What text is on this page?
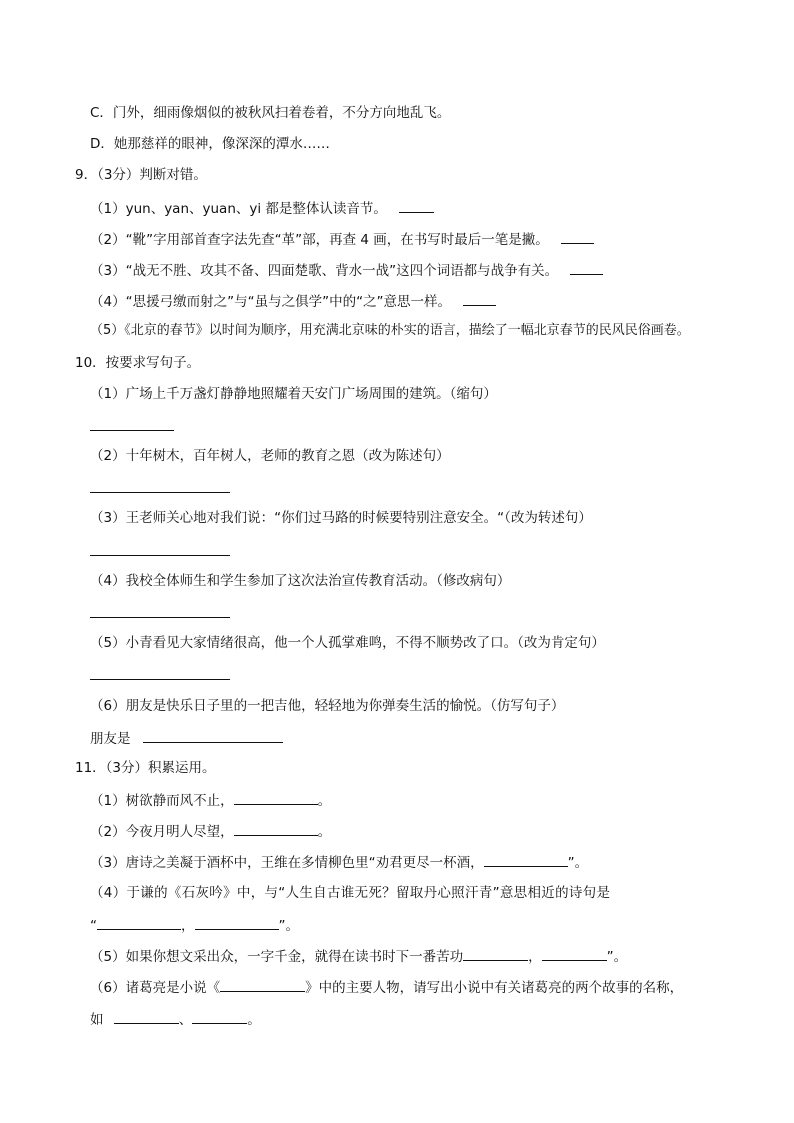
C．门外，细雨像烟似的被秋风扫着卷着，不分方向地乱飞。
D．她那慈祥的眼神，像深深的潭水……
9．（3分）判断对错。
（1）yun、yan、yuan、yi 都是整体认读音节。
（2）“靴”字用部首查字法先查“革”部，再查 4 画，在书写时最后一笔是撇。
（3）“战无不胜、攻其不备、四面楚歌、背水一战”这四个词语都与战争有关。
（4）“思援弓缴而射之”与“虽与之俱学”中的“之”意思一样。
（5）《北京的春节》以时间为顺序，用充满北京味的朴实的语言，描绘了一幅北京春节的民风民俗画卷。
10．按要求写句子。
（1）广场上千万盏灯静静地照耀着天安门广场周围的建筑。（缩句）
（2）十年树木，百年树人，老师的教育之恩（改为陈述句）
（3）王老师关心地对我们说：“你们过马路的时候要特别注意安全。“（改为转述句）
（4）我校全体师生和学生参加了这次法治宣传教育活动。（修改病句）
（5）小青看见大家情绪很高，他一个人孤掌难鸣，不得不顺势改了口。（改为肯定句）
（6）朋友是快乐日子里的一把吉他，轻轻地为你弹奏生活的愉悦。（仿写句子）
朋友是
11．（3分）积累运用。
（1）树欲静而风不止，	。
（2）今夜月明人尽望，	。
（3）唐诗之美凝于酒杯中，王维在多情柳色里“劝君更尽一杯酒，	”。
（4）于谦的《石灰吟》中，与“人生自古谁无死？留取丹心照汗青”意思相近的诗句是
“	，	”。
（5）如果你想文采出众，一字千金，就得在读书时下一番苦功	，	”。
（6）诸葛亮是小说《	》中的主要人物，请写出小说中有关诸葛亮的两个故事的名称，
如	、	。
